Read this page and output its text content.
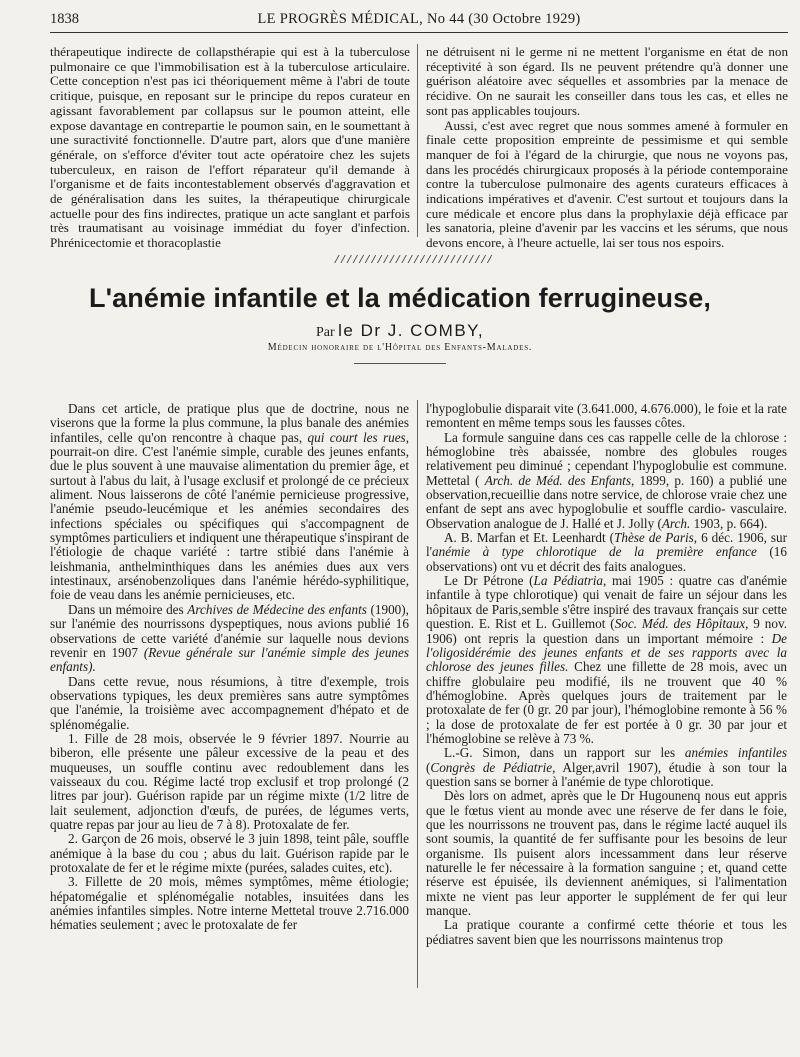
1838	LE PROGRÈS MÉDICAL, No 44 (30 Octobre 1929)

thérapeutique indirecte de collapsthérapie qui est à la tuberculose pulmonaire ce que l'immobilisation est à la tuberculose articulaire. Cette conception n'est pas ici théoriquement même à l'abri de toute critique, puisque, en reposant sur le principe du repos curateur en agissant favorablement par collapsus sur le poumon atteint, elle expose davantage en contrepartie le poumon sain, en le soumettant à une suractivité fonctionnelle. D'autre part, alors que d'une manière générale, on s'efforce d'éviter tout acte opératoire chez les sujets tuberculeux, en raison de l'effort réparateur qu'il demande à l'organisme et de faits incontestablement observés d'aggravation et de généralisation dans les suites, la thérapeutique chirurgicale actuelle pour des fins indirectes, pratique un acte sanglant et parfois très traumatisant au voisinage immédiat du foyer d'infection. Phrénicectomie et thoracoplastie

ne détruisent ni le germe ni ne mettent l'organisme en état de non réceptivité à son égard. Ils ne peuvent prétendre qu'à donner une guérison aléatoire avec séquelles et assombries par la menace de récidive. On ne saurait les conseiller dans tous les cas, et elles ne sont pas applicables toujours.

Aussi, c'est avec regret que nous sommes amené à formuler en finale cette proposition empreinte de pessimisme et qui semble manquer de foi à l'égard de la chirurgie, que nous ne voyons pas, dans les procédés chirurgicaux proposés à la période contemporaine contre la tuberculose pulmonaire des agents curateurs efficaces à indications impératives et d'avenir. C'est surtout et toujours dans la cure médicale et encore plus dans la prophylaxie déjà efficace par les sanatoria, pleine d'avenir par les vaccins et les sérums, que nous devons encore, à l'heure actuelle, lai ser tous nos espoirs.

//////////////////////////
L'anémie infantile et la médication ferrugineuse,
Par le Dr J. COMBY,
Médecin honoraire de l'Hôpital des Enfants-Malades.

Dans cet article, de pratique plus que de doctrine, nous ne viserons que la forme la plus commune, la plus banale des anémies infantiles, celle qu'on rencontre à chaque pas, qui court les rues, pourrait-on dire. C'est l'anémie simple, curable des jeunes enfants, due le plus souvent à une mauvaise alimentation du premier âge, et surtout à l'abus du lait, à l'usage exclusif et prolongé de ce précieux aliment. Nous laisserons de côté l'anémie pernicieuse progressive, l'anémie pseudo-leucémique et les anémies secondaires des infections spéciales ou spécifiques qui s'accompagnent de symptômes particuliers et indiquent une thérapeutique s'inspirant de l'étiologie de chaque variété : tartre stibié dans l'anémie à leishmania, anthelminthiques dans les anémies dues aux vers intestinaux, arsénobenzoliques dans l'anémie hérédo-syphilitique, foie de veau dans les anémie pernicieuses, etc.

Dans un mémoire des Archives de Médecine des enfants (1900), sur l'anémie des nourrissons dyspeptiques, nous avions publié 16 observations de cette variété d'anémie sur laquelle nous devions revenir en 1907 (Revue générale sur l'anémie simple des jeunes enfants).

Dans cette revue, nous résumions, à titre d'exemple, trois observations typiques, les deux premières sans autre symptômes que l'anémie, la troisième avec accompagnement d'hépato et de splénomégalie.

1. Fille de 28 mois, observée le 9 février 1897. Nourrie au biberon, elle présente une pâleur excessive de la peau et des muqueuses, un souffle continu avec redoublement dans les vaisseaux du cou. Régime lacté trop exclusif et trop prolongé (2 litres par jour). Guérison rapide par un régime mixte (1/2 litre de lait seulement, adjonction d'œufs, de purées, de légumes verts, quatre repas par jour au lieu de 7 à 8). Protoxalate de fer.

2. Garçon de 26 mois, observé le 3 juin 1898, teint pâle, souffle anémique à la base du cou ; abus du lait. Guérison rapide par le protoxalate de fer et le régime mixte (purées, salades cuites, etc).

3. Fillette de 20 mois, mêmes symptômes, même étiologie; hépatomégalie et splénomégalie notables, insuitées dans les anémies infantiles simples. Notre interne Mettetal trouve 2.716.000 hématies seulement ; avec le protoxalate de fer

l'hypoglobulie disparait vite (3.641.000, 4.676.000), le foie et la rate remontent en même temps sous les fausses côtes.

La formule sanguine dans ces cas rappelle celle de la chlorose : hémoglobine très abaissée, nombre des globules rouges relativement peu diminué ; cependant l'hypoglobulie est commune. Mettetal ( Arch. de Méd. des Enfants, 1899, p. 160) a publié une observation,recueillie dans notre service, de chlorose vraie chez une enfant de sept ans avec hypoglobulie et souffle cardio- vasculaire. Observation analogue de J. Hallé et J. Jolly (Arch. 1903, p. 664).

A. B. Marfan et Et. Leenhardt (Thèse de Paris, 6 déc. 1906, sur l'anémie à type chlorotique de la première enfance (16 observations) ont vu et décrit des faits analogues.

Le Dr Pétrone (La Pédiatria, mai 1905 : quatre cas d'anémie infantile à type chlorotique) qui venait de faire un séjour dans les hôpitaux de Paris,semble s'être inspiré des travaux français sur cette question. E. Rist et L. Guillemot (Soc. Méd. des Hôpitaux, 9 nov. 1906) ont repris la question dans un important mémoire : De l'oligosidérémie des jeunes enfants et de ses rapports avec la chlorose des jeunes filles. Chez une fillette de 28 mois, avec un chiffre globulaire peu modifié, ils ne trouvent que 40 % d'hémoglobine. Après quelques jours de traitement par le protoxalate de fer (0 gr. 20 par jour), l'hémoglobine remonte à 56 % ; la dose de protoxalate de fer est portée à 0 gr. 30 par jour et l'hémoglobine se relève à 73 %.

L.-G. Simon, dans un rapport sur les anémies infantiles (Congrès de Pédiatrie, Alger,avril 1907), étudie à son tour la question sans se borner à l'anémie de type chlorotique.

Dès lors on admet, après que le Dr Hugounenq nous eut appris que le fœtus vient au monde avec une réserve de fer dans le foie, que les nourrissons ne trouvent pas, dans le régime lacté auquel ils sont soumis, la quantité de fer suffisante pour les besoins de leur organisme. Ils puisent alors incessamment dans leur réserve naturelle le fer nécessaire à la formation sanguine ; et, quand cette réserve est épuisée, ils deviennent anémiques, si l'alimentation mixte ne vient pas leur apporter le supplément de fer qui leur manque.

La pratique courante a confirmé cette théorie et tous les pédiatres savent bien que les nourrissons maintenus trop
